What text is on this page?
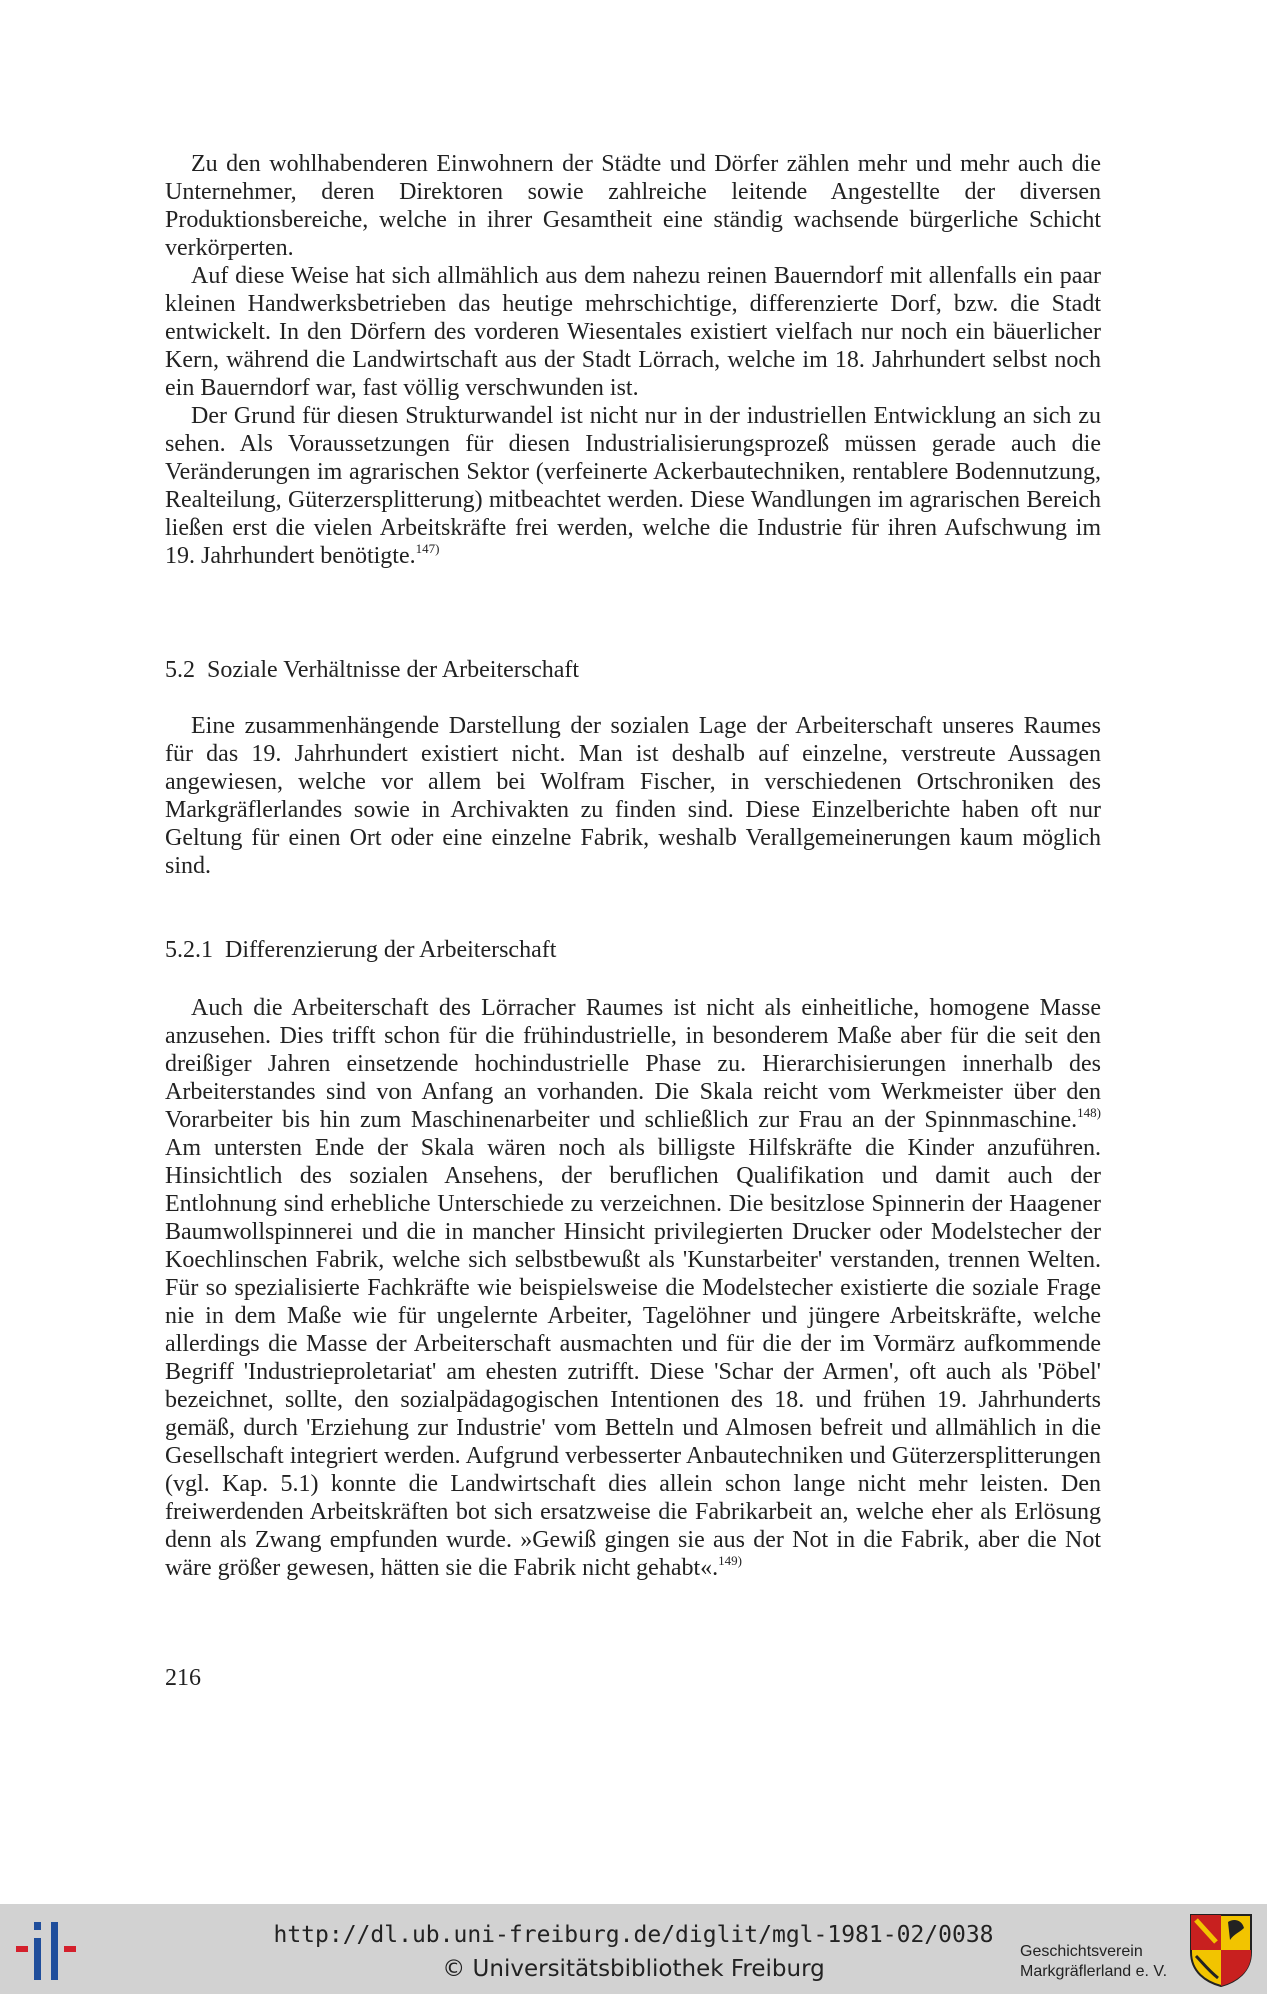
Zu den wohlhabenderen Einwohnern der Städte und Dörfer zählen mehr und mehr auch die Unternehmer, deren Direktoren sowie zahlreiche leitende Angestellte der diversen Produktionsbereiche, welche in ihrer Gesamtheit eine ständig wachsende bürgerliche Schicht verkörperten.

Auf diese Weise hat sich allmählich aus dem nahezu reinen Bauerndorf mit allenfalls ein paar kleinen Handwerksbetrieben das heutige mehrschichtige, differenzierte Dorf, bzw. die Stadt entwickelt. In den Dörfern des vorderen Wiesentales existiert vielfach nur noch ein bäuerlicher Kern, während die Landwirtschaft aus der Stadt Lörrach, welche im 18. Jahrhundert selbst noch ein Bauerndorf war, fast völlig verschwunden ist.

Der Grund für diesen Strukturwandel ist nicht nur in der industriellen Entwicklung an sich zu sehen. Als Voraussetzungen für diesen Industrialisierungsprozeß müssen gerade auch die Veränderungen im agrarischen Sektor (verfeinerte Ackerbautechniken, rentablere Bodennutzung, Realteilung, Güterzersplitterung) mitbeachtet werden. Diese Wandlungen im agrarischen Bereich ließen erst die vielen Arbeitskräfte frei werden, welche die Industrie für ihren Aufschwung im 19. Jahrhundert benötigte.$^{147)}$

5.2 Soziale Verhältnisse der Arbeiterschaft

Eine zusammenhängende Darstellung der sozialen Lage der Arbeiterschaft unseres Raumes für das 19. Jahrhundert existiert nicht. Man ist deshalb auf einzelne, verstreute Aussagen angewiesen, welche vor allem bei Wolfram Fischer, in verschiedenen Ortschroniken des Markgräflerlandes sowie in Archivakten zu finden sind. Diese Einzelberichte haben oft nur Geltung für einen Ort oder eine einzelne Fabrik, weshalb Verallgemeinerungen kaum möglich sind.

5.2.1 Differenzierung der Arbeiterschaft

Auch die Arbeiterschaft des Lörracher Raumes ist nicht als einheitliche, homogene Masse anzusehen. Dies trifft schon für die frühindustrielle, in besonderem Maße aber für die seit den dreißiger Jahren einsetzende hochindustrielle Phase zu. Hierarchisierungen innerhalb des Arbeiterstandes sind von Anfang an vorhanden. Die Skala reicht vom Werkmeister über den Vorarbeiter bis hin zum Maschinenarbeiter und schließlich zur Frau an der Spinnmaschine.$^{148)}$ Am untersten Ende der Skala wären noch als billigste Hilfskräfte die Kinder anzuführen. Hinsichtlich des sozialen Ansehens, der beruflichen Qualifikation und damit auch der Entlohnung sind erhebliche Unterschiede zu verzeichnen. Die besitzlose Spinnerin der Haagener Baumwollspinnerei und die in mancher Hinsicht privilegierten Drucker oder Modelstecher der Koechlinschen Fabrik, welche sich selbstbewußt als 'Kunstarbeiter' verstanden, trennen Welten. Für so spezialisierte Fachkräfte wie beispielsweise die Modelstecher existierte die soziale Frage nie in dem Maße wie für ungelernte Arbeiter, Tagelöhner und jüngere Arbeitskräfte, welche allerdings die Masse der Arbeiterschaft ausmachten und für die der im Vormärz aufkommende Begriff 'Industrieproletariat' am ehesten zutrifft. Diese 'Schar der Armen', oft auch als 'Pöbel' bezeichnet, sollte, den sozialpädagogischen Intentionen des 18. und frühen 19. Jahrhunderts gemäß, durch 'Erziehung zur Industrie' vom Betteln und Almosen befreit und allmählich in die Gesellschaft integriert werden. Aufgrund verbesserter Anbautechniken und Güterzersplitterungen (vgl. Kap. 5.1) konnte die Landwirtschaft dies allein schon lange nicht mehr leisten. Den freiwerdenden Arbeitskräften bot sich ersatzweise die Fabrikarbeit an, welche eher als Erlösung denn als Zwang empfunden wurde. »Gewiß gingen sie aus der Not in die Fabrik, aber die Not wäre größer gewesen, hätten sie die Fabrik nicht gehabt«.$^{149)}$

216
http://dl.ub.uni-freiburg.de/diglit/mgl-1981-02/0038
© Universitätsbibliothek Freiburg
Geschichtsverein
Markgräflerland e. V.
